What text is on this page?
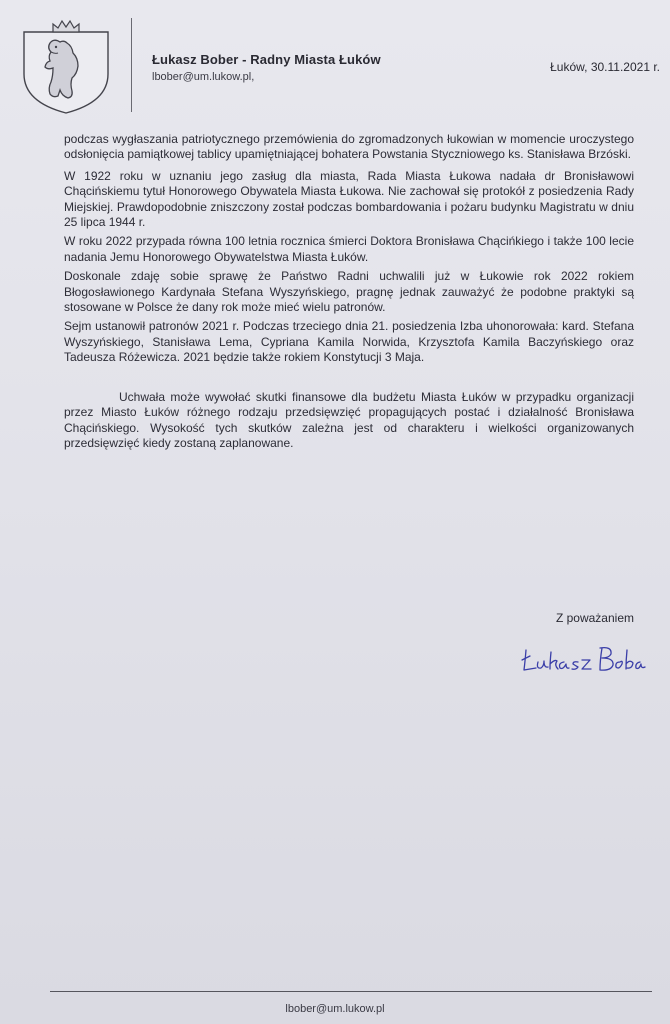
Łukasz Bober - Radny Miasta Łuków
lbober@um.lukow.pl,
Łuków, 30.11.2021 r.

podczas wygłaszania patriotycznego przemówienia do zgromadzonych łukowian w momencie uroczystego odsłonięcia pamiątkowej tablicy upamiętniającej bohatera Powstania Styczniowego ks. Stanisława Brzóski.

W 1922 roku w uznaniu jego zasług dla miasta, Rada Miasta Łukowa nadała dr Bronisławowi Chącińskiemu tytuł Honorowego Obywatela Miasta Łukowa. Nie zachował się protokół z posiedzenia Rady Miejskiej. Prawdopodobnie zniszczony został podczas bombardowania i pożaru budynku Magistratu w dniu 25 lipca 1944 r.

W roku 2022 przypada równa 100 letnia rocznica śmierci Doktora Bronisława Chącińkiego i także 100 lecie nadania Jemu Honorowego Obywatelstwa Miasta Łuków.

Doskonale zdaję sobie sprawę że Państwo Radni uchwalili już w Łukowie rok 2022 rokiem Błogosławionego Kardynała Stefana Wyszyńskiego, pragnę jednak zauważyć że podobne praktyki są stosowane w Polsce że dany rok może mieć wielu patronów.

Sejm ustanowił patronów 2021 r. Podczas trzeciego dnia 21. posiedzenia Izba uhonorowała: kard. Stefana Wyszyńskiego, Stanisława Lema, Cypriana Kamila Norwida, Krzysztofa Kamila Baczyńskiego oraz Tadeusza Różewicza. 2021 będzie także rokiem Konstytucji 3 Maja.

Uchwała może wywołać skutki finansowe dla budżetu Miasta Łuków w przypadku organizacji przez Miasto Łuków różnego rodzaju przedsięwzięć propagujących postać i działalność Bronisława Chącińskiego. Wysokość tych skutków zależna jest od charakteru i wielkości organizowanych przedsięwzięć kiedy zostaną zaplanowane.

Z poważaniem
lbober@um.lukow.pl
